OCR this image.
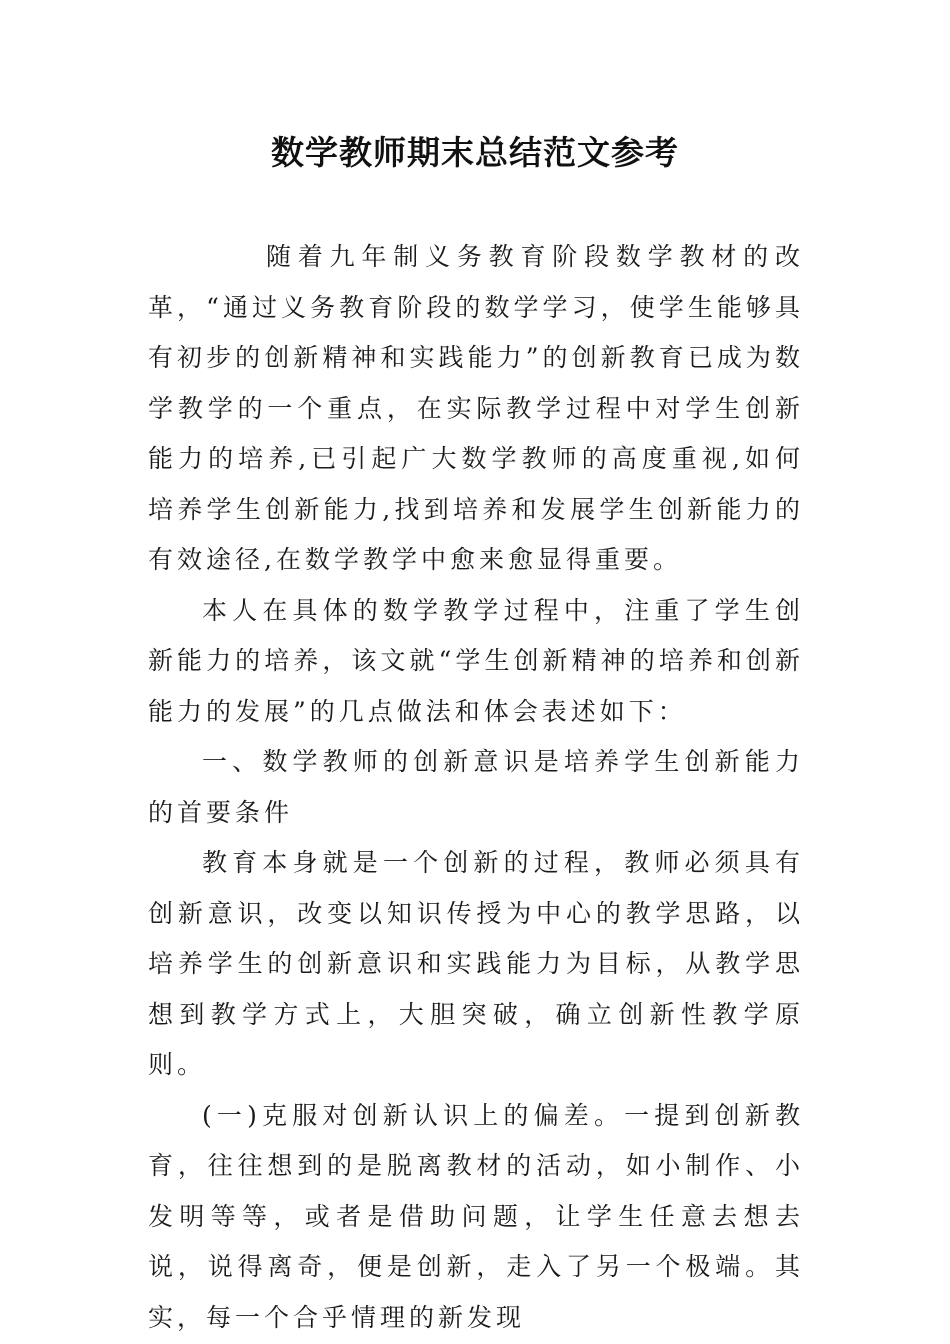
数学教师期末总结范文参考

随着九年制义务教育阶段数学教材的改革，“通过义务教育阶段的数学学习，使学生能够具有初步的创新精神和实践能力”的创新教育已成为数学教学的一个重点，在实际教学过程中对学生创新能力的培养,已引起广大数学教师的高度重视,如何培养学生创新能力,找到培养和发展学生创新能力的有效途径,在数学教学中愈来愈显得重要。

本人在具体的数学教学过程中，注重了学生创新能力的培养，该文就“学生创新精神的培养和创新能力的发展”的几点做法和体会表述如下：

一、数学教师的创新意识是培养学生创新能力的首要条件

教育本身就是一个创新的过程，教师必须具有创新意识，改变以知识传授为中心的教学思路，以培养学生的创新意识和实践能力为目标，从教学思想到教学方式上，大胆突破，确立创新性教学原则。

(一)克服对创新认识上的偏差。一提到创新教育，往往想到的是脱离教材的活动，如小制作、小发明等等，或者是借助问题，让学生任意去想去说，说得离奇，便是创新，走入了另一个极端。其实，每一个合乎情理的新发现
